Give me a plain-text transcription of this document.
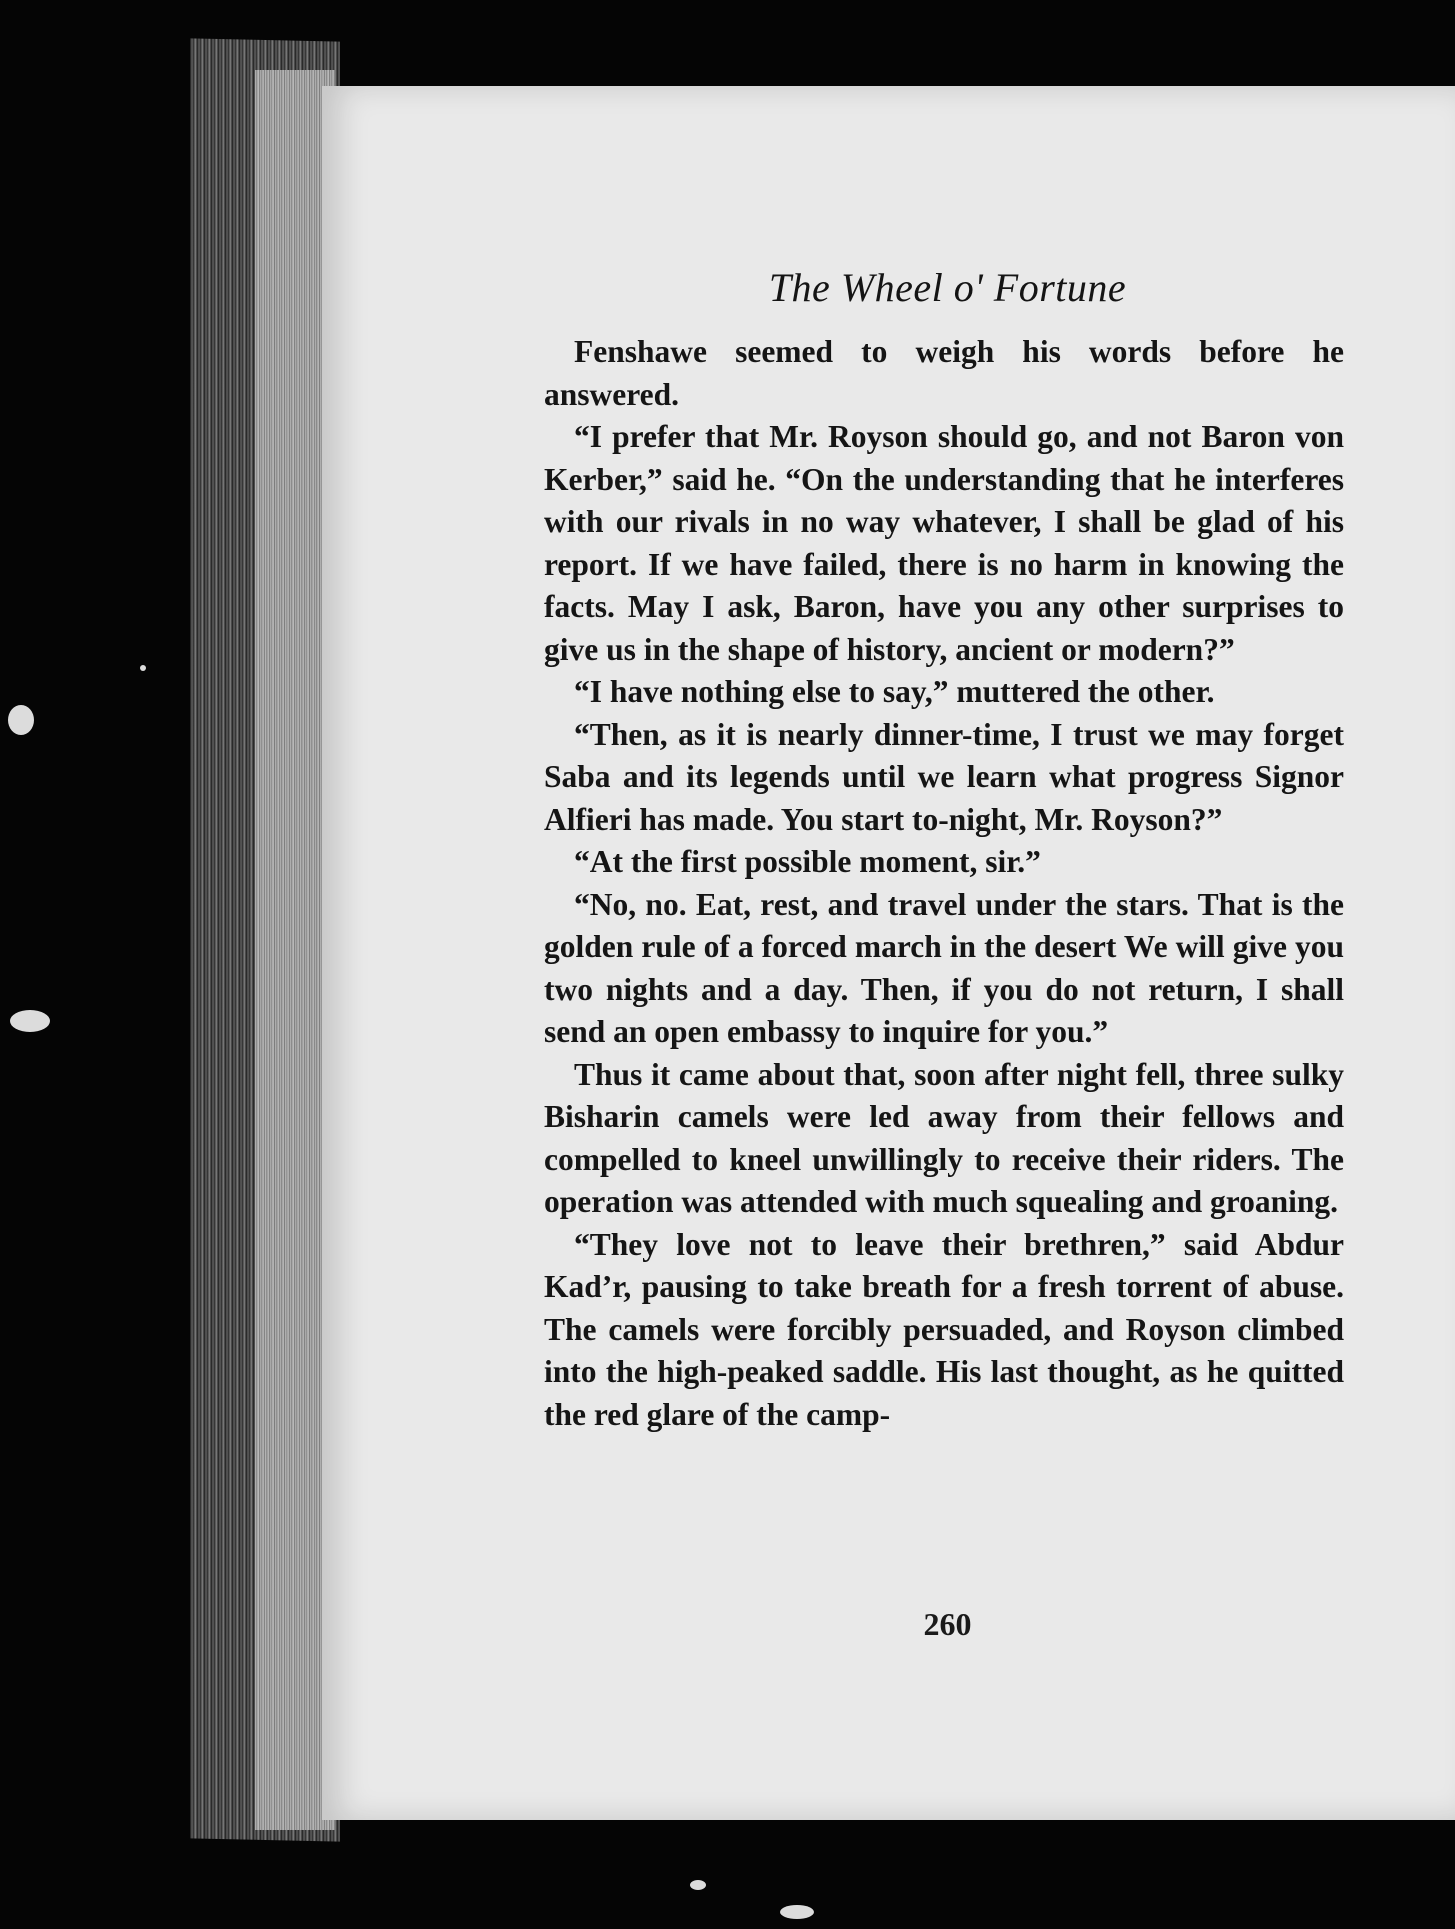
The Wheel o' Fortune

Fenshawe seemed to weigh his words before he answered.

“I prefer that Mr. Royson should go, and not Baron von Kerber,” said he. “On the understanding that he interferes with our rivals in no way whatever, I shall be glad of his report. If we have failed, there is no harm in knowing the facts. May I ask, Baron, have you any other surprises to give us in the shape of history, ancient or modern?”

“I have nothing else to say,” muttered the other.

“Then, as it is nearly dinner-time, I trust we may forget Saba and its legends until we learn what progress Signor Alfieri has made. You start to-night, Mr. Royson?”

“At the first possible moment, sir.”

“No, no. Eat, rest, and travel under the stars. That is the golden rule of a forced march in the desert We will give you two nights and a day. Then, if you do not return, I shall send an open embassy to inquire for you.”

Thus it came about that, soon after night fell, three sulky Bisharin camels were led away from their fellows and compelled to kneel unwillingly to receive their riders. The operation was attended with much squealing and groaning.

“They love not to leave their brethren,” said Abdur Kad’r, pausing to take breath for a fresh torrent of abuse. The camels were forcibly persuaded, and Royson climbed into the high-peaked saddle. His last thought, as he quitted the red glare of the camp-

260
